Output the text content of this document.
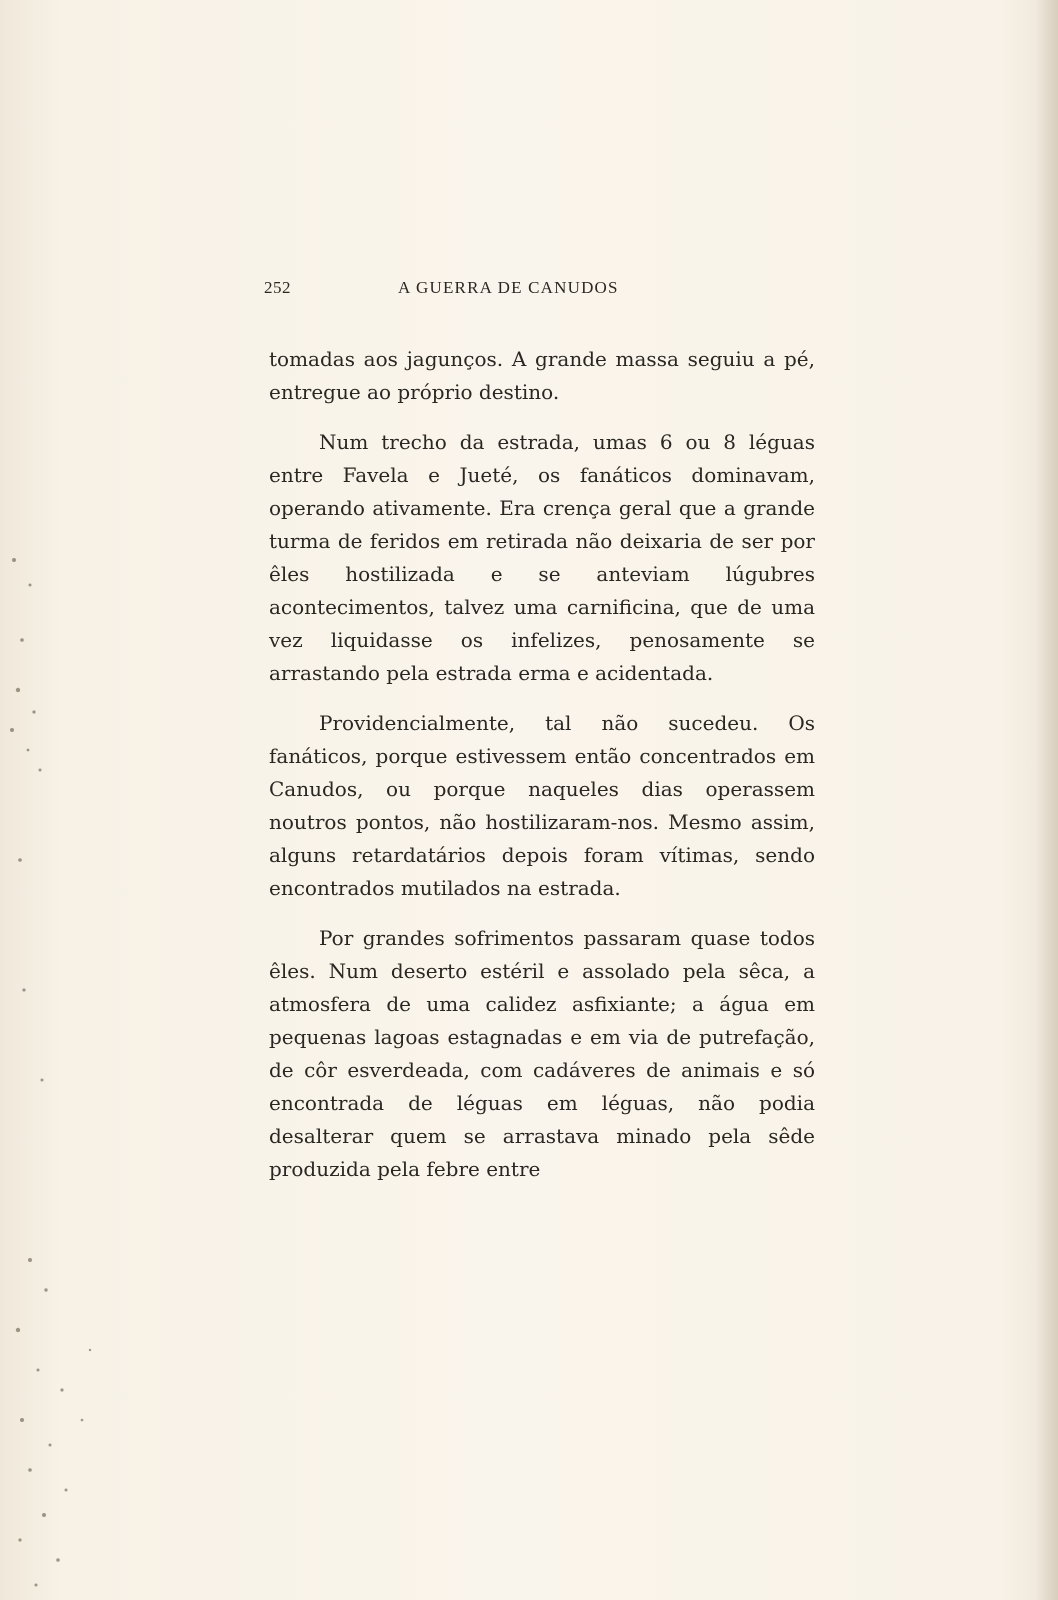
252	A GUERRA DE CANUDOS

tomadas aos jagunços. A grande massa seguiu a pé, entregue ao próprio destino.

Num trecho da estrada, umas 6 ou 8 léguas entre Favela e Jueté, os fanáticos dominavam, operando ativamente. Era crença geral que a grande turma de feridos em retirada não deixaria de ser por êles hostilizada e se anteviam lúgubres acontecimentos, talvez uma carnificina, que de uma vez liquidasse os infelizes, penosamente se arrastando pela estrada erma e acidentada.

Providencialmente, tal não sucedeu. Os fanáticos, porque estivessem então concentrados em Canudos, ou porque naqueles dias operassem noutros pontos, não hostilizaram-nos. Mesmo assim, alguns retardatários depois foram vítimas, sendo encontrados mutilados na estrada.

Por grandes sofrimentos passaram quase todos êles. Num deserto estéril e assolado pela sêca, a atmosfera de uma calidez asfixiante; a água em pequenas lagoas estagnadas e em via de putrefação, de côr esverdeada, com cadáveres de animais e só encontrada de léguas em léguas, não podia desalterar quem se arrastava minado pela sêde produzida pela febre entre
